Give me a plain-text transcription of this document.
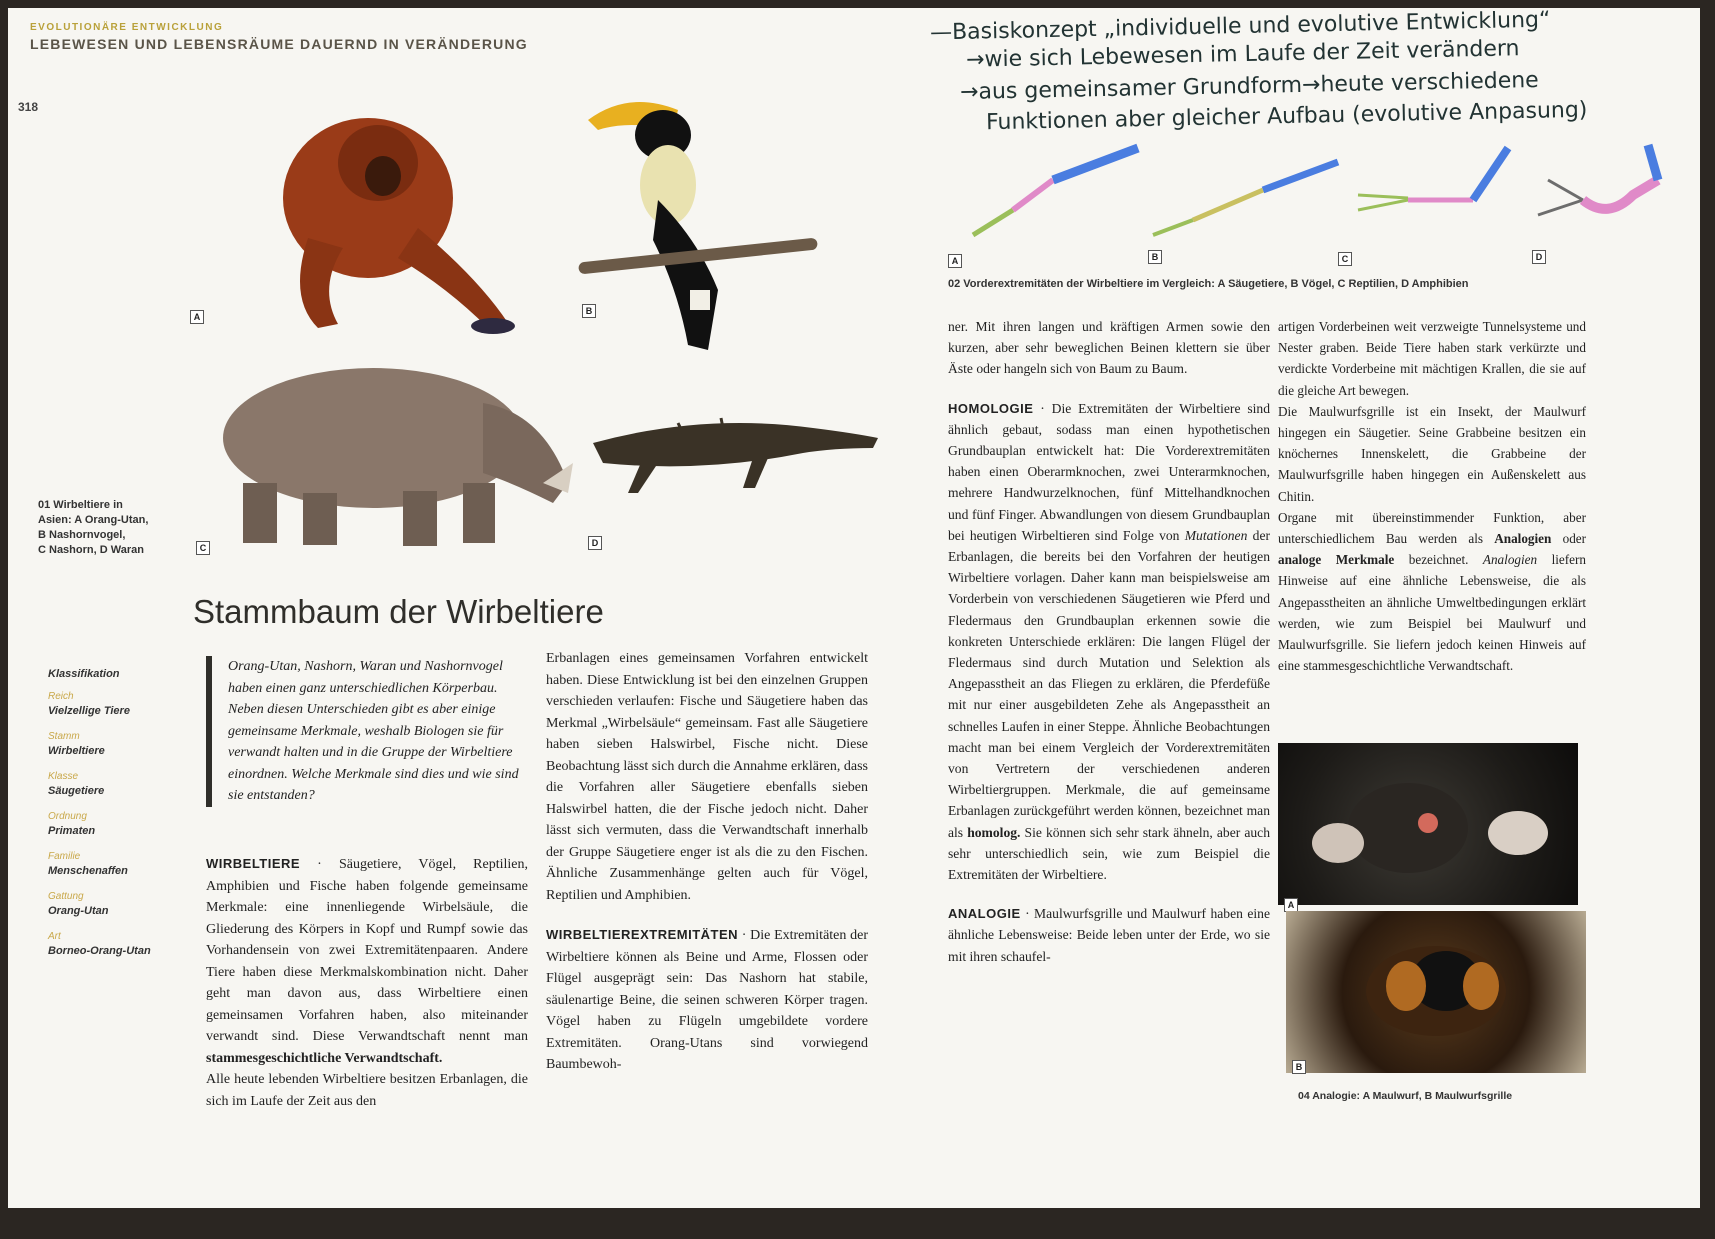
EVOLUTIONÄRE ENTWICKLUNG
LEBEWESEN UND LEBENSRÄUME DAUERND IN VERÄNDERUNG
318
—Basiskonzept „individuelle und evolutive Entwicklung“
→wie sich Lebewesen im Laufe der Zeit verändern
→aus gemeinsamer Grundform→heute verschiedene
Funktionen aber gleicher Aufbau (evolutive Anpasung)
A
B
C	D
01 Wirbeltiere in
Asien: A Orang-Utan,
B Nashornvogel,
C Nashorn, D Waran
A	B	C	D
02 Vorderextremitäten der Wirbeltiere im Vergleich: A Säugetiere, B Vögel, C Reptilien, D Amphibien
Stammbaum der Wirbeltiere
Klassifikation
Reich
Vielzellige Tiere
Stamm
Wirbeltiere
Klasse
Säugetiere
Ordnung
Primaten
Familie
Menschenaffen
Gattung
Orang-Utan
Art
Borneo-Orang-Utan
Orang-Utan, Nashorn, Waran und Nashornvogel haben einen ganz unterschiedlichen Körperbau. Neben diesen Unterschieden gibt es aber einige gemeinsame Merkmale, weshalb Biologen sie für verwandt halten und in die Gruppe der Wirbeltiere einordnen. Welche Merkmale sind dies und wie sind sie entstanden?
WIRBELTIERE · Säugetiere, Vögel, Reptilien, Amphibien und Fische haben folgende gemeinsame Merkmale: eine innenliegende Wirbelsäule, die Gliederung des Körpers in Kopf und Rumpf sowie das Vorhandensein von zwei Extremitätenpaaren. Andere Tiere haben diese Merkmalskombination nicht. Daher geht man davon aus, dass Wirbeltiere einen gemeinsamen Vorfahren haben, also miteinander verwandt sind. Diese Verwandtschaft nennt man stammesgeschichtliche Verwandtschaft.
Alle heute lebenden Wirbeltiere besitzen Erbanlagen, die sich im Laufe der Zeit aus den
Erbanlagen eines gemeinsamen Vorfahren entwickelt haben. Diese Entwicklung ist bei den einzelnen Gruppen verschieden verlaufen: Fische und Säugetiere haben das Merkmal „Wirbelsäule“ gemeinsam. Fast alle Säugetiere haben sieben Halswirbel, Fische nicht. Diese Beobachtung lässt sich durch die Annahme erklären, dass die Vorfahren aller Säugetiere ebenfalls sieben Halswirbel hatten, die der Fische jedoch nicht. Daher lässt sich vermuten, dass die Verwandtschaft innerhalb der Gruppe Säugetiere enger ist als die zu den Fischen. Ähnliche Zusammenhänge gelten auch für Vögel, Reptilien und Amphibien.
WIRBELTIEREXTREMITÄTEN · Die Extremitäten der Wirbeltiere können als Beine und Arme, Flossen oder Flügel ausgeprägt sein: Das Nashorn hat stabile, säulenartige Beine, die seinen schweren Körper tragen. Vögel haben zu Flügeln umgebildete vordere Extremitäten. Orang-Utans sind vorwiegend Baumbewoh-
ner. Mit ihren langen und kräftigen Armen sowie den kurzen, aber sehr beweglichen Beinen klettern sie über Äste oder hangeln sich von Baum zu Baum.
HOMOLOGIE · Die Extremitäten der Wirbeltiere sind ähnlich gebaut, sodass man einen hypothetischen Grundbauplan entwickelt hat: Die Vorderextremitäten haben einen Oberarmknochen, zwei Unterarmknochen, mehrere Handwurzelknochen, fünf Mittelhandknochen und fünf Finger. Abwandlungen von diesem Grundbauplan bei heutigen Wirbeltieren sind Folge von Mutationen der Erbanlagen, die bereits bei den Vorfahren der heutigen Wirbeltiere vorlagen. Daher kann man beispielsweise am Vorderbein von verschiedenen Säugetieren wie Pferd und Fledermaus den Grundbauplan erkennen sowie die konkreten Unterschiede erklären: Die langen Flügel der Fledermaus sind durch Mutation und Selektion als Angepasstheit an das Fliegen zu erklären, die Pferdefüße mit nur einer ausgebildeten Zehe als Angepasstheit an schnelles Laufen in einer Steppe. Ähnliche Beobachtungen macht man bei einem Vergleich der Vorderextremitäten von Vertretern der verschiedenen anderen Wirbeltiergruppen. Merkmale, die auf gemeinsame Erbanlagen zurückgeführt werden können, bezeichnet man als homolog. Sie können sich sehr stark ähneln, aber auch sehr unterschiedlich sein, wie zum Beispiel die Extremitäten der Wirbeltiere.
ANALOGIE · Maulwurfsgrille und Maulwurf haben eine ähnliche Lebensweise: Beide leben unter der Erde, wo sie mit ihren schaufel-
artigen Vorderbeinen weit verzweigte Tunnelsysteme und Nester graben. Beide Tiere haben stark verkürzte und verdickte Vorderbeine mit mächtigen Krallen, die sie auf die gleiche Art bewegen.
Die Maulwurfsgrille ist ein Insekt, der Maulwurf hingegen ein Säugetier. Seine Grabbeine besitzen ein knöchernes Innenskelett, die Grabbeine der Maulwurfsgrille haben hingegen ein Außenskelett aus Chitin.
Organe mit übereinstimmender Funktion, aber unterschiedlichem Bau werden als Analogien oder analoge Merkmale bezeichnet. Analogien liefern Hinweise auf eine ähnliche Lebensweise, die als Angepasstheiten an ähnliche Umweltbedingungen erklärt werden, wie zum Beispiel bei Maulwurf und Maulwurfsgrille. Sie liefern jedoch keinen Hinweis auf eine stammesgeschichtliche Verwandtschaft.
A
B
04 Analogie: A Maulwurf, B Maulwurfsgrille
